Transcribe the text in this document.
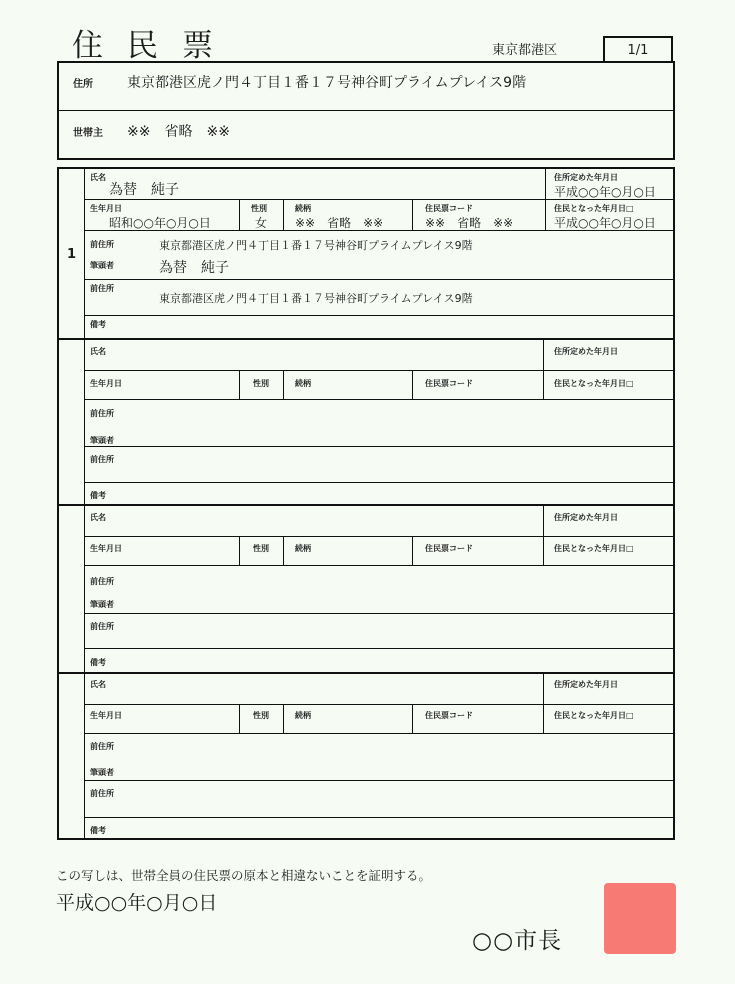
住民票	東京都港区	1/1
住所 東京都港区虎ノ門４丁目１番１７号神谷町プライムプレイス9階
世帯主 ※※　省略　※※
1
氏名
為替　純子
住所定めた年月日
平成○○年○月○日
生年月日
昭和○○年○月○日
性別
女
続柄
※※　省略　※※
住民票コード
※※　省略　※※
住民となった年月日□
平成○○年○月○日
前住所	東京都港区虎ノ門４丁目１番１７号神谷町プライムプレイス9階
筆頭者	為替　純子
前住所
東京都港区虎ノ門４丁目１番１７号神谷町プライムプレイス9階
備考
氏名	住所定めた年月日
生年月日	性別	続柄	住民票コード	住民となった年月日□
前住所
筆頭者
前住所
備考
氏名	住所定めた年月日
生年月日	性別	続柄	住民票コード	住民となった年月日□
前住所
筆頭者
前住所
備考
氏名	住所定めた年月日
生年月日	性別	続柄	住民票コード	住民となった年月日□
前住所
筆頭者
前住所
備考
この写しは、世帯全員の住民票の原本と相違ないことを証明する。
平成○○年○月○日
○○市長
